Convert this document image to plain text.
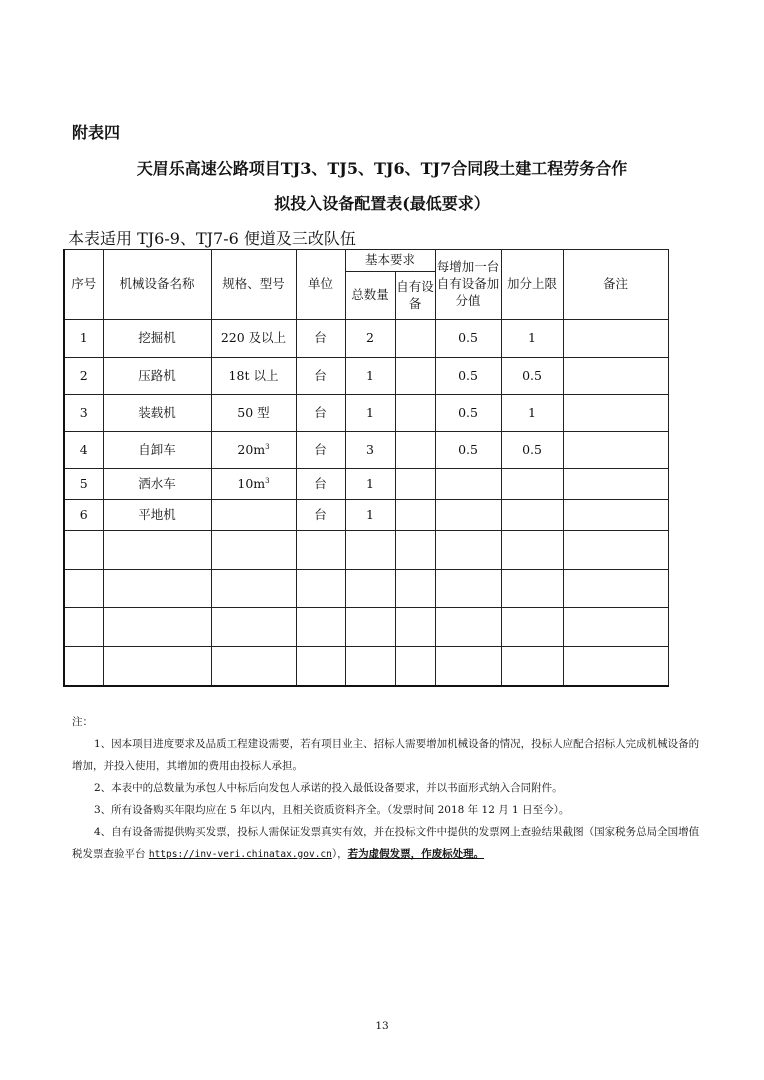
附表四
天眉乐高速公路项目TJ3、TJ5、TJ6、TJ7合同段土建工程劳务合作
拟投入设备配置表(最低要求）
本表适用 TJ6-9、TJ7-6 便道及三改队伍
序号	机械设备名称	规格、型号	单位	基本要求		每增加一台自有设备加分值	加分上限	备注
				总数量	自有设备			
1	挖掘机	220 及以上	台	2		0.5	1	
2	压路机	18t 以上	台	1		0.5	0.5	
3	装载机	50 型	台	1		0.5	1	
4	自卸车	$20m^3$	台	3		0.5	0.5	
5	洒水车	$10m^3$	台	1				
6	平地机		台	1				

注：

1、因本项目进度要求及品质工程建设需要，若有项目业主、招标人需要增加机械设备的情况，投标人应配合招标人完成机械设备的增加，并投入使用，其增加的费用由投标人承担。

2、本表中的总数量为承包人中标后向发包人承诺的投入最低设备要求，并以书面形式纳入合同附件。

3、所有设备购买年限均应在 5 年以内，且相关资质资料齐全。（发票时间 2018 年 12 月 1 日至今）。

4、自有设备需提供购买发票，投标人需保证发票真实有效，并在投标文件中提供的发票网上查验结果截图（国家税务总局全国增值税发票查验平台 https://inv-veri.chinatax.gov.cn），若为虚假发票，作废标处理。

13
